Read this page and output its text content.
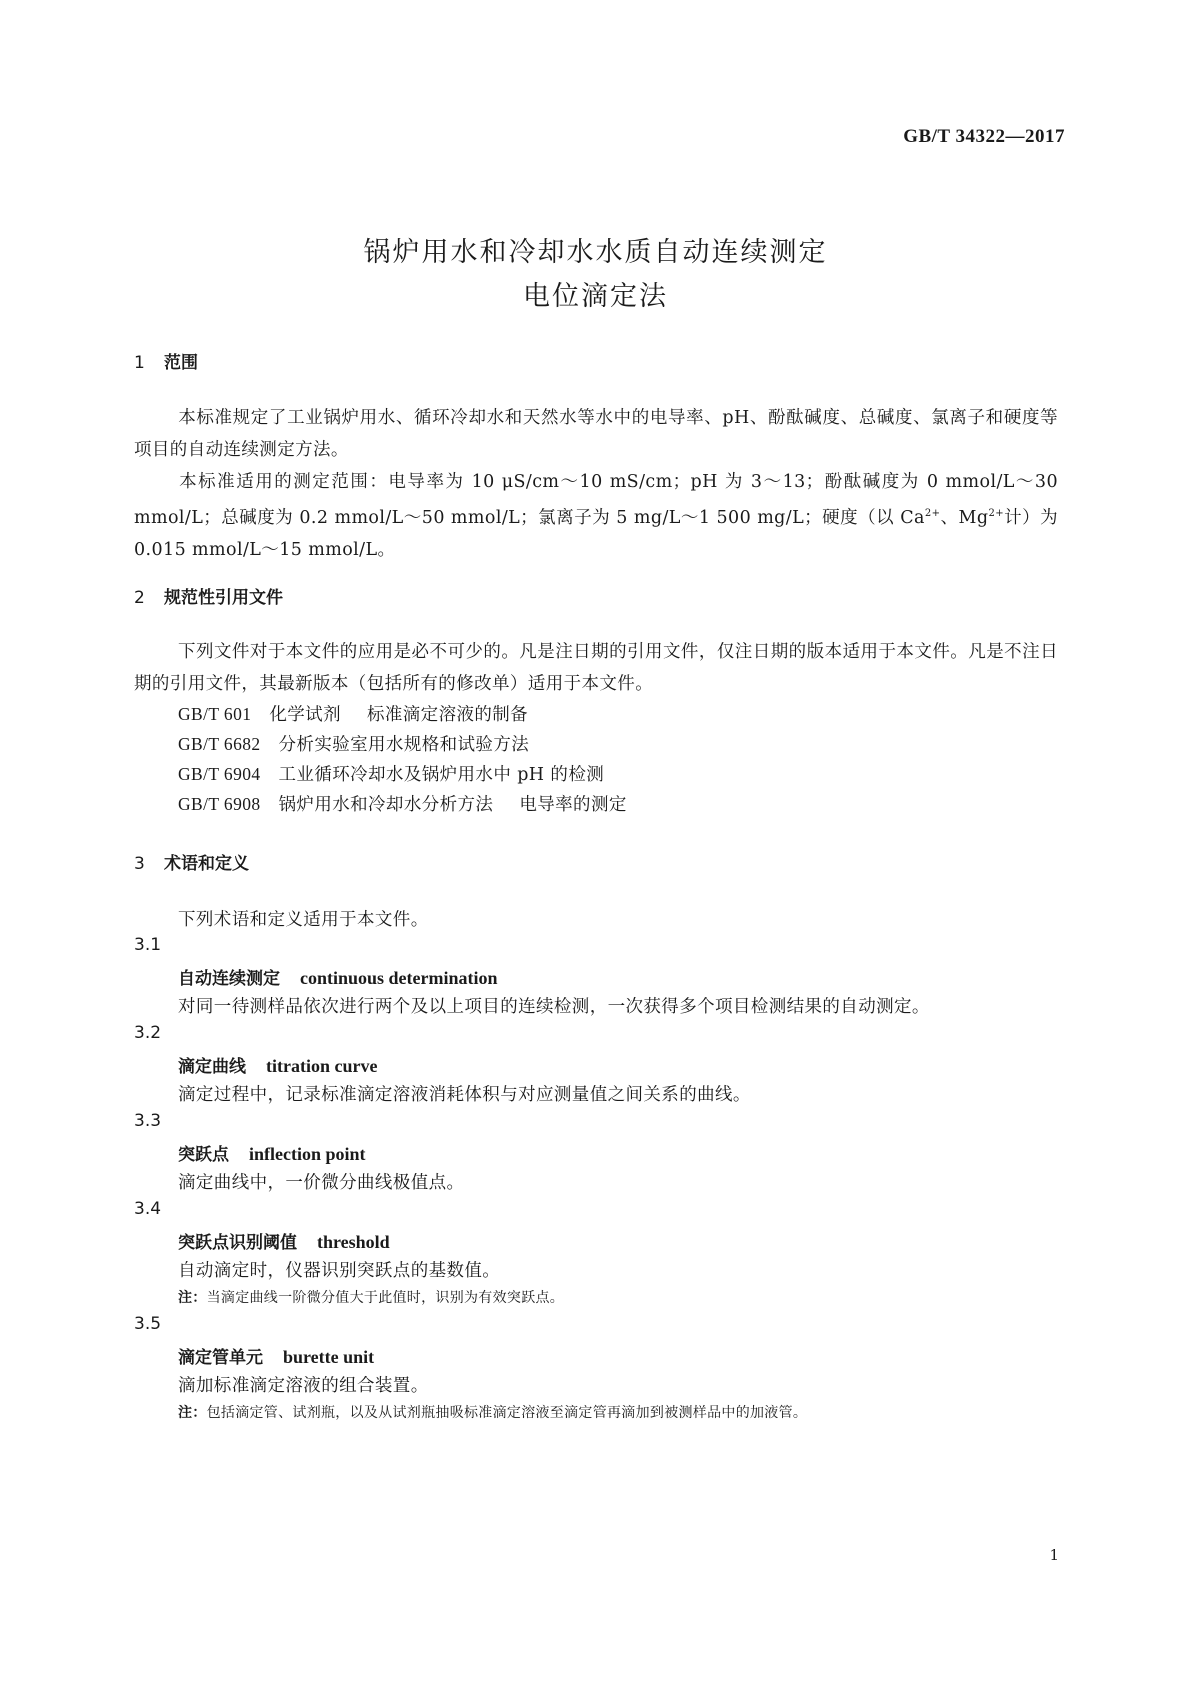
GB/T 34322—2017
锅炉用水和冷却水水质自动连续测定
电位滴定法
1 范围
本标准规定了工业锅炉用水、循环冷却水和天然水等水中的电导率、pH、酚酞碱度、总碱度、氯离子和硬度等项目的自动连续测定方法。
本标准适用的测定范围：电导率为 10 μS/cm～10 mS/cm；pH 为 3～13；酚酞碱度为 0 mmol/L～30 mmol/L；总碱度为 0.2 mmol/L～50 mmol/L；氯离子为 5 mg/L～1 500 mg/L；硬度（以 $Ca^{2+}$、$Mg^{2+}$计）为 0.015 mmol/L～15 mmol/L。
2 规范性引用文件
下列文件对于本文件的应用是必不可少的。凡是注日期的引用文件，仅注日期的版本适用于本文件。凡是不注日期的引用文件，其最新版本（包括所有的修改单）适用于本文件。
GB/T 601 化学试剂 标准滴定溶液的制备
GB/T 6682 分析实验室用水规格和试验方法
GB/T 6904 工业循环冷却水及锅炉用水中 pH 的检测
GB/T 6908 锅炉用水和冷却水分析方法 电导率的测定
3 术语和定义
下列术语和定义适用于本文件。
3.1
自动连续测定 continuous determination
对同一待测样品依次进行两个及以上项目的连续检测，一次获得多个项目检测结果的自动测定。
3.2
滴定曲线 titration curve
滴定过程中，记录标准滴定溶液消耗体积与对应测量值之间关系的曲线。
3.3
突跃点 inflection point
滴定曲线中，一价微分曲线极值点。
3.4
突跃点识别阈值 threshold
自动滴定时，仪器识别突跃点的基数值。
注：当滴定曲线一阶微分值大于此值时，识别为有效突跃点。
3.5
滴定管单元 burette unit
滴加标准滴定溶液的组合装置。
注：包括滴定管、试剂瓶，以及从试剂瓶抽吸标准滴定溶液至滴定管再滴加到被测样品中的加液管。
1
